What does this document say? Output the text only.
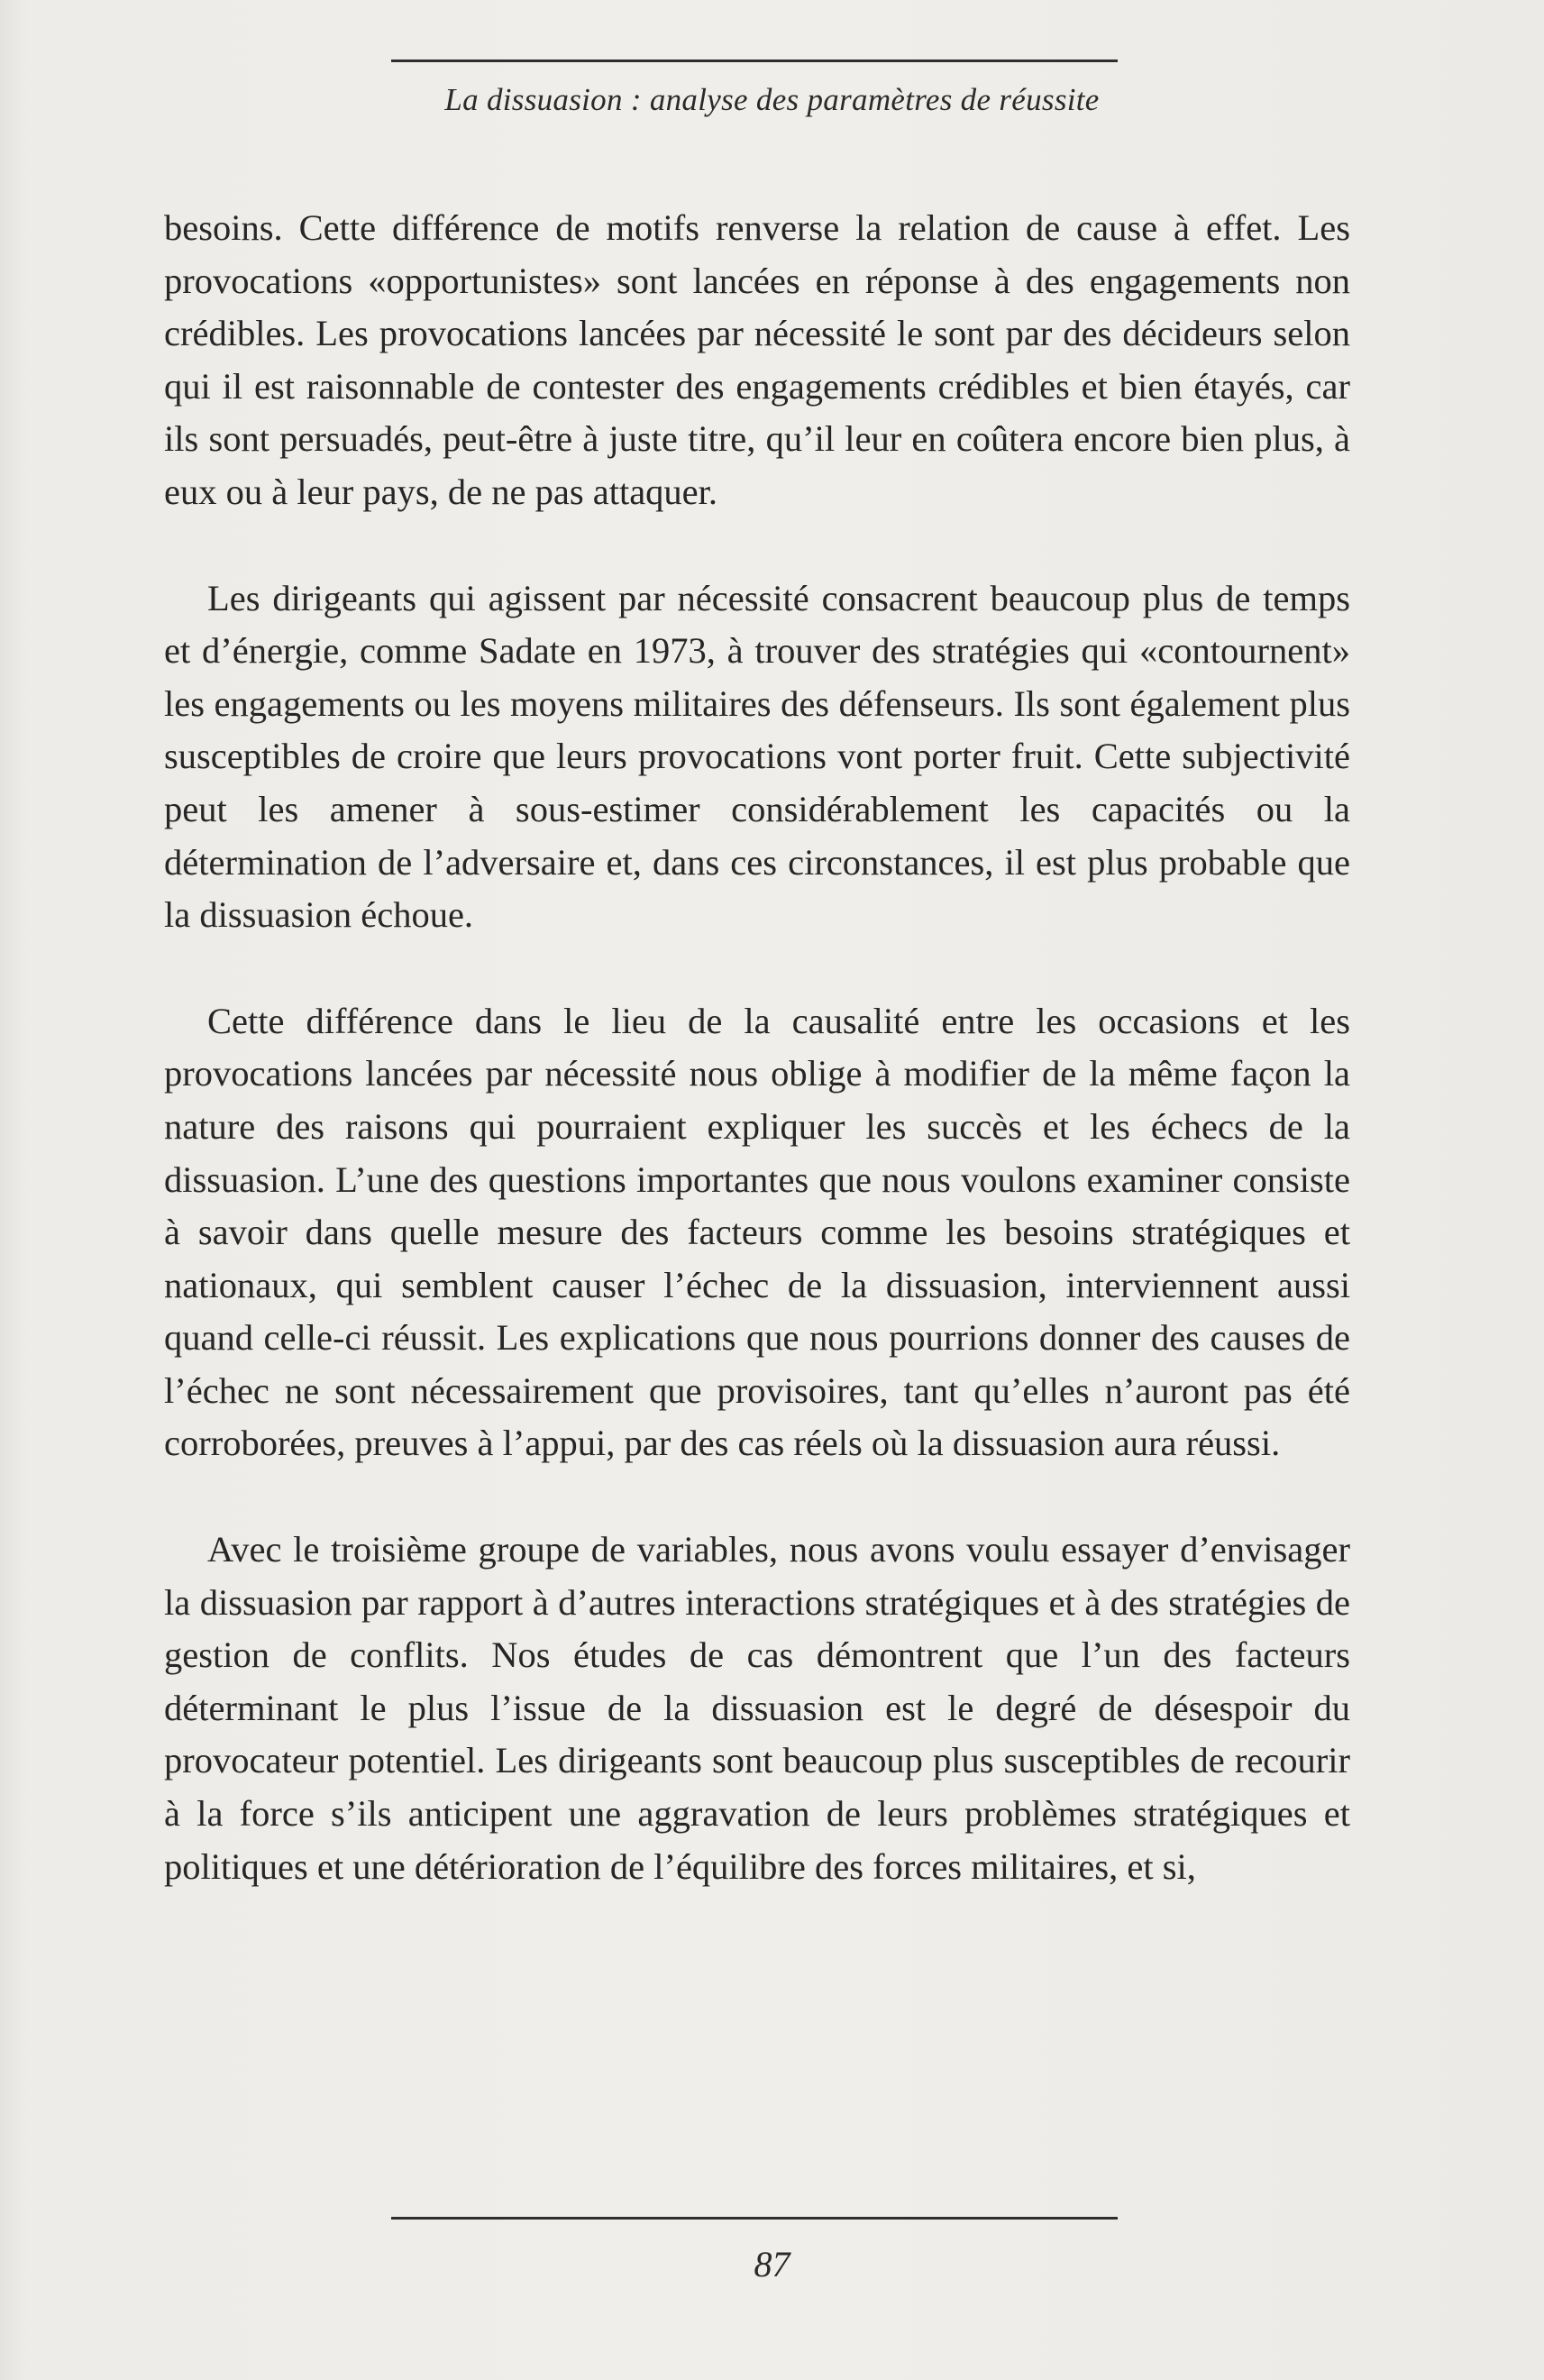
La dissuasion : analyse des paramètres de réussite

besoins. Cette différence de motifs renverse la relation de cause à effet. Les provocations «opportunistes» sont lancées en réponse à des engagements non crédibles. Les provocations lancées par nécessité le sont par des décideurs selon qui il est raisonnable de contester des engagements crédibles et bien étayés, car ils sont persuadés, peut-être à juste titre, qu’il leur en coûtera encore bien plus, à eux ou à leur pays, de ne pas attaquer.

Les dirigeants qui agissent par nécessité consacrent beaucoup plus de temps et d’énergie, comme Sadate en 1973, à trouver des stratégies qui «contournent» les engagements ou les moyens militaires des défenseurs. Ils sont également plus susceptibles de croire que leurs provocations vont porter fruit. Cette subjectivité peut les amener à sous-estimer considérablement les capacités ou la détermination de l’adversaire et, dans ces circonstances, il est plus probable que la dissuasion échoue.

Cette différence dans le lieu de la causalité entre les occasions et les provocations lancées par nécessité nous oblige à modifier de la même façon la nature des raisons qui pourraient expliquer les succès et les échecs de la dissuasion. L’une des questions importantes que nous voulons examiner consiste à savoir dans quelle mesure des facteurs comme les besoins stratégiques et nationaux, qui semblent causer l’échec de la dissuasion, interviennent aussi quand celle-ci réussit. Les explications que nous pourrions donner des causes de l’échec ne sont nécessairement que provisoires, tant qu’elles n’auront pas été corroborées, preuves à l’appui, par des cas réels où la dissuasion aura réussi.

Avec le troisième groupe de variables, nous avons voulu essayer d’envisager la dissuasion par rapport à d’autres interactions stratégiques et à des stratégies de gestion de conflits. Nos études de cas démontrent que l’un des facteurs déterminant le plus l’issue de la dissuasion est le degré de désespoir du provocateur potentiel. Les dirigeants sont beaucoup plus susceptibles de recourir à la force s’ils anticipent une aggravation de leurs problèmes stratégiques et politiques et une détérioration de l’équilibre des forces militaires, et si,

87
